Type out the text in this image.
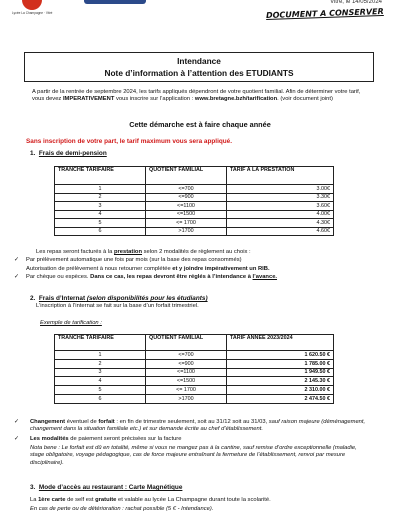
Lycée La Champagne · Vitré
Vitré, le 14/05/2024
DOCUMENT A CONSERVER
Intendance
Note d’information à l’attention des ETUDIANTS
A partir de la rentrée de septembre 2024, les tarifs appliqués dépendront de votre quotient familial. Afin de déterminer votre tarif, vous devez IMPERATIVEMENT vous inscrire sur l’application : www.bretagne.bzh/tarification. (voir document joint)
Cette démarche est à faire chaque année
Sans inscription de votre part, le tarif maximum vous sera appliqué.
1. Frais de demi-pension
TRANCHE TARIFAIRE	QUOTIENT FAMILIAL	TARIF A LA PRESTATION
1	<=700	3.00€
2	<=900	3.30€
3	<=1100	3.60€
4	<=1500	4.00€
5	<= 1700	4.30€
6	>1700	4.60€
Les repas seront facturés à la prestation selon 2 modalités de règlement au choix :
✓ Par prélèvement automatique une fois par mois (sur la base des repas consommés)
Autorisation de prélèvement à nous retourner complétée et y joindre impérativement un RIB.
✓ Par chèque ou espèces. Dans ce cas, les repas devront être réglés à l’intendance à l’avance.
2. Frais d’Internat (selon disponibilités pour les étudiants)
L’inscription à l’internat se fait sur la base d’un forfait trimestriel.
Exemple de tarification :
TRANCHE TARIFAIRE	QUOTIENT FAMILIAL	TARIF ANNEE 2023/2024
1	<=700	1 620.50 €
2	<=900	1 785.00 €
3	<=1100	1 949.50 €
4	<=1500	2 145.30 €
5	<= 1700	2 310.00 €
6	>1700	2 474.50 €
✓ Changement éventuel de forfait : en fin de trimestre seulement, soit au 31/12 soit au 31/03, sauf raison majeure (déménagement, changement dans la situation familiale etc.) et sur demande écrite au chef d’établissement.
✓ Les modalités de paiement seront précisées sur la facture
Nota bene : Le forfait est dû en totalité, même si vous ne mangez pas à la cantine, sauf remise d’ordre exceptionnelle (maladie, stage obligatoire, voyage pédagogique, cas de force majeure entraînant la fermeture de l’établissement, renvoi par mesure disciplinaire).
3. Mode d’accès au restaurant : Carte Magnétique
La 1ère carte de self est gratuite et valable au lycée La Champagne durant toute la scolarité.
En cas de perte ou de détérioration : rachat possible (5 € - Intendance).
